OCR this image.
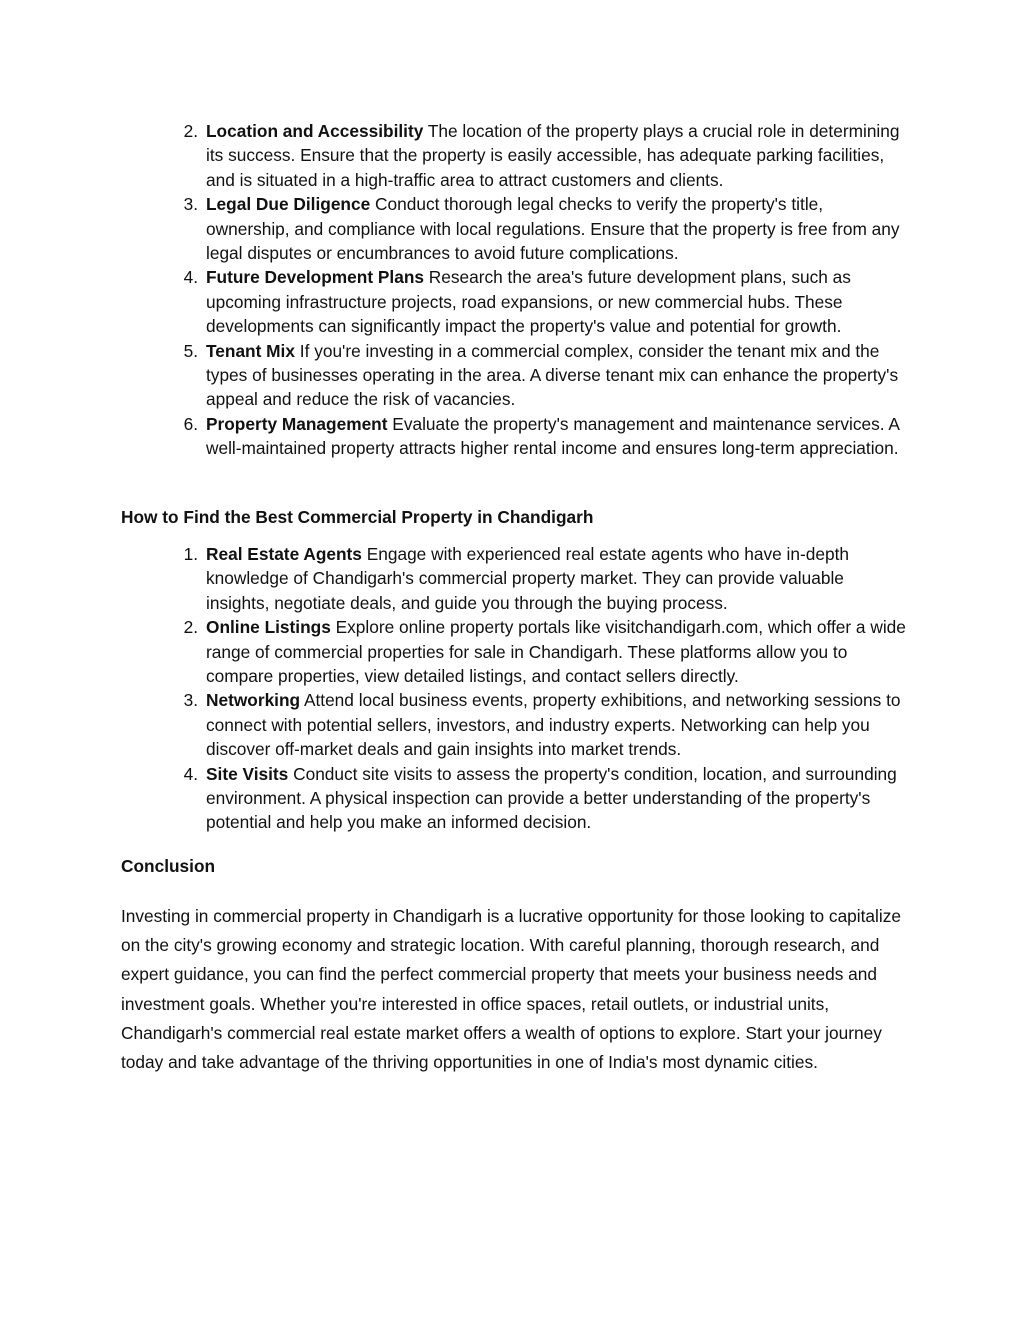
2. Location and Accessibility The location of the property plays a crucial role in determining its success. Ensure that the property is easily accessible, has adequate parking facilities, and is situated in a high-traffic area to attract customers and clients.
3. Legal Due Diligence Conduct thorough legal checks to verify the property's title, ownership, and compliance with local regulations. Ensure that the property is free from any legal disputes or encumbrances to avoid future complications.
4. Future Development Plans Research the area's future development plans, such as upcoming infrastructure projects, road expansions, or new commercial hubs. These developments can significantly impact the property's value and potential for growth.
5. Tenant Mix If you're investing in a commercial complex, consider the tenant mix and the types of businesses operating in the area. A diverse tenant mix can enhance the property's appeal and reduce the risk of vacancies.
6. Property Management Evaluate the property's management and maintenance services. A well-maintained property attracts higher rental income and ensures long-term appreciation.
How to Find the Best Commercial Property in Chandigarh
1. Real Estate Agents Engage with experienced real estate agents who have in-depth knowledge of Chandigarh's commercial property market. They can provide valuable insights, negotiate deals, and guide you through the buying process.
2. Online Listings Explore online property portals like visitchandigarh.com, which offer a wide range of commercial properties for sale in Chandigarh. These platforms allow you to compare properties, view detailed listings, and contact sellers directly.
3. Networking Attend local business events, property exhibitions, and networking sessions to connect with potential sellers, investors, and industry experts. Networking can help you discover off-market deals and gain insights into market trends.
4. Site Visits Conduct site visits to assess the property's condition, location, and surrounding environment. A physical inspection can provide a better understanding of the property's potential and help you make an informed decision.
Conclusion

Investing in commercial property in Chandigarh is a lucrative opportunity for those looking to capitalize on the city's growing economy and strategic location. With careful planning, thorough research, and expert guidance, you can find the perfect commercial property that meets your business needs and investment goals. Whether you're interested in office spaces, retail outlets, or industrial units, Chandigarh's commercial real estate market offers a wealth of options to explore. Start your journey today and take advantage of the thriving opportunities in one of India's most dynamic cities.
